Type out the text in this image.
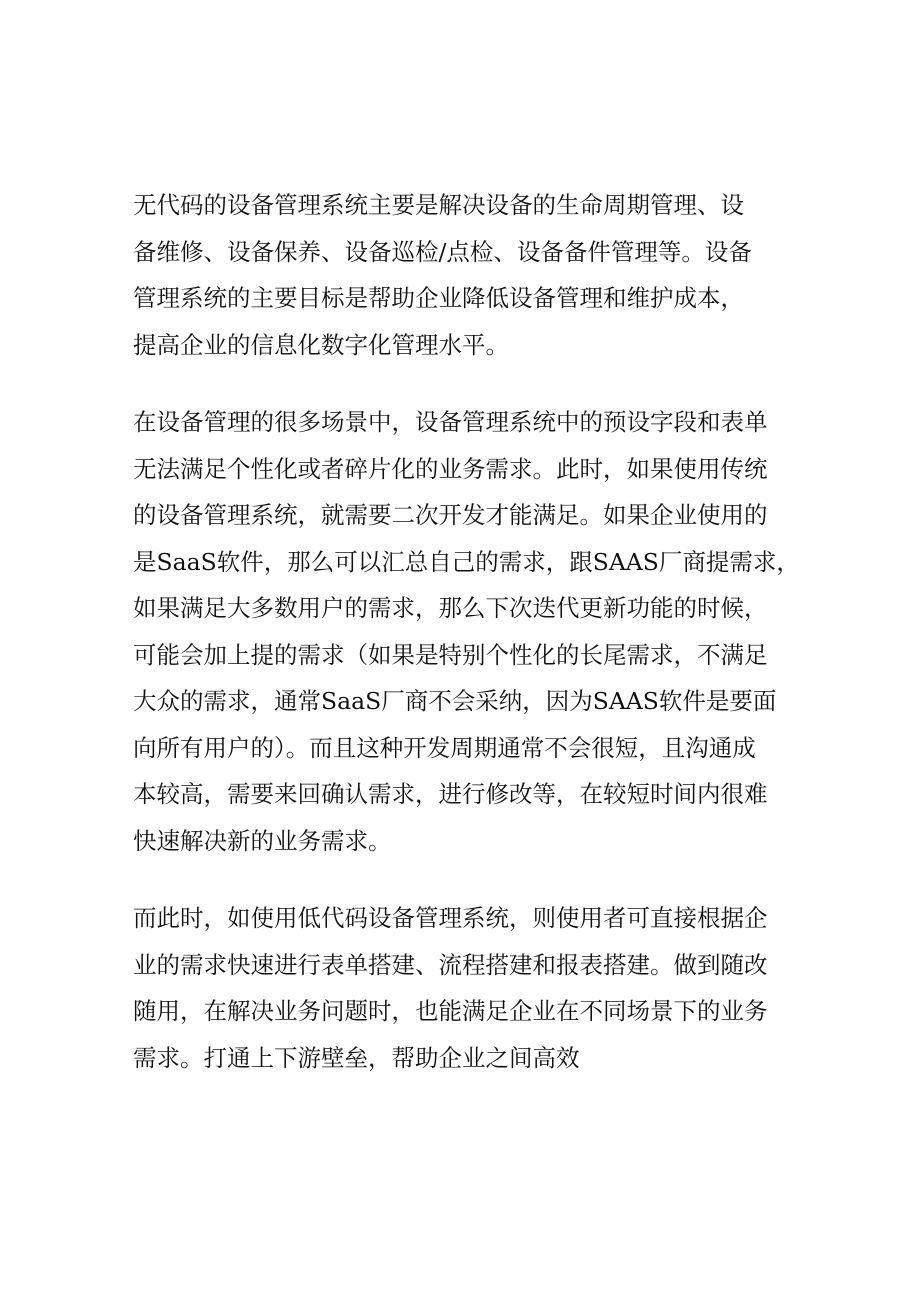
无代码的设备管理系统主要是解决设备的生命周期管理、设
备维修、设备保养、设备巡检/点检、设备备件管理等。设备
管理系统的主要目标是帮助企业降低设备管理和维护成本，
提高企业的信息化数字化管理水平。

在设备管理的很多场景中，设备管理系统中的预设字段和表单
无法满足个性化或者碎片化的业务需求。此时，如果使用传统
的设备管理系统，就需要二次开发才能满足。如果企业使用的
是SaaS软件，那么可以汇总自己的需求，跟SAAS厂商提需求，
如果满足大多数用户的需求，那么下次迭代更新功能的时候，
可能会加上提的需求（如果是特别个性化的长尾需求，不满足
大众的需求，通常SaaS厂商不会采纳，因为SAAS软件是要面
向所有用户的）。而且这种开发周期通常不会很短，且沟通成
本较高，需要来回确认需求，进行修改等，在较短时间内很难
快速解决新的业务需求。

而此时，如使用低代码设备管理系统，则使用者可直接根据企
业的需求快速进行表单搭建、流程搭建和报表搭建。做到随改
随用，在解决业务问题时，也能满足企业在不同场景下的业务
需求。打通上下游壁垒，帮助企业之间高效
